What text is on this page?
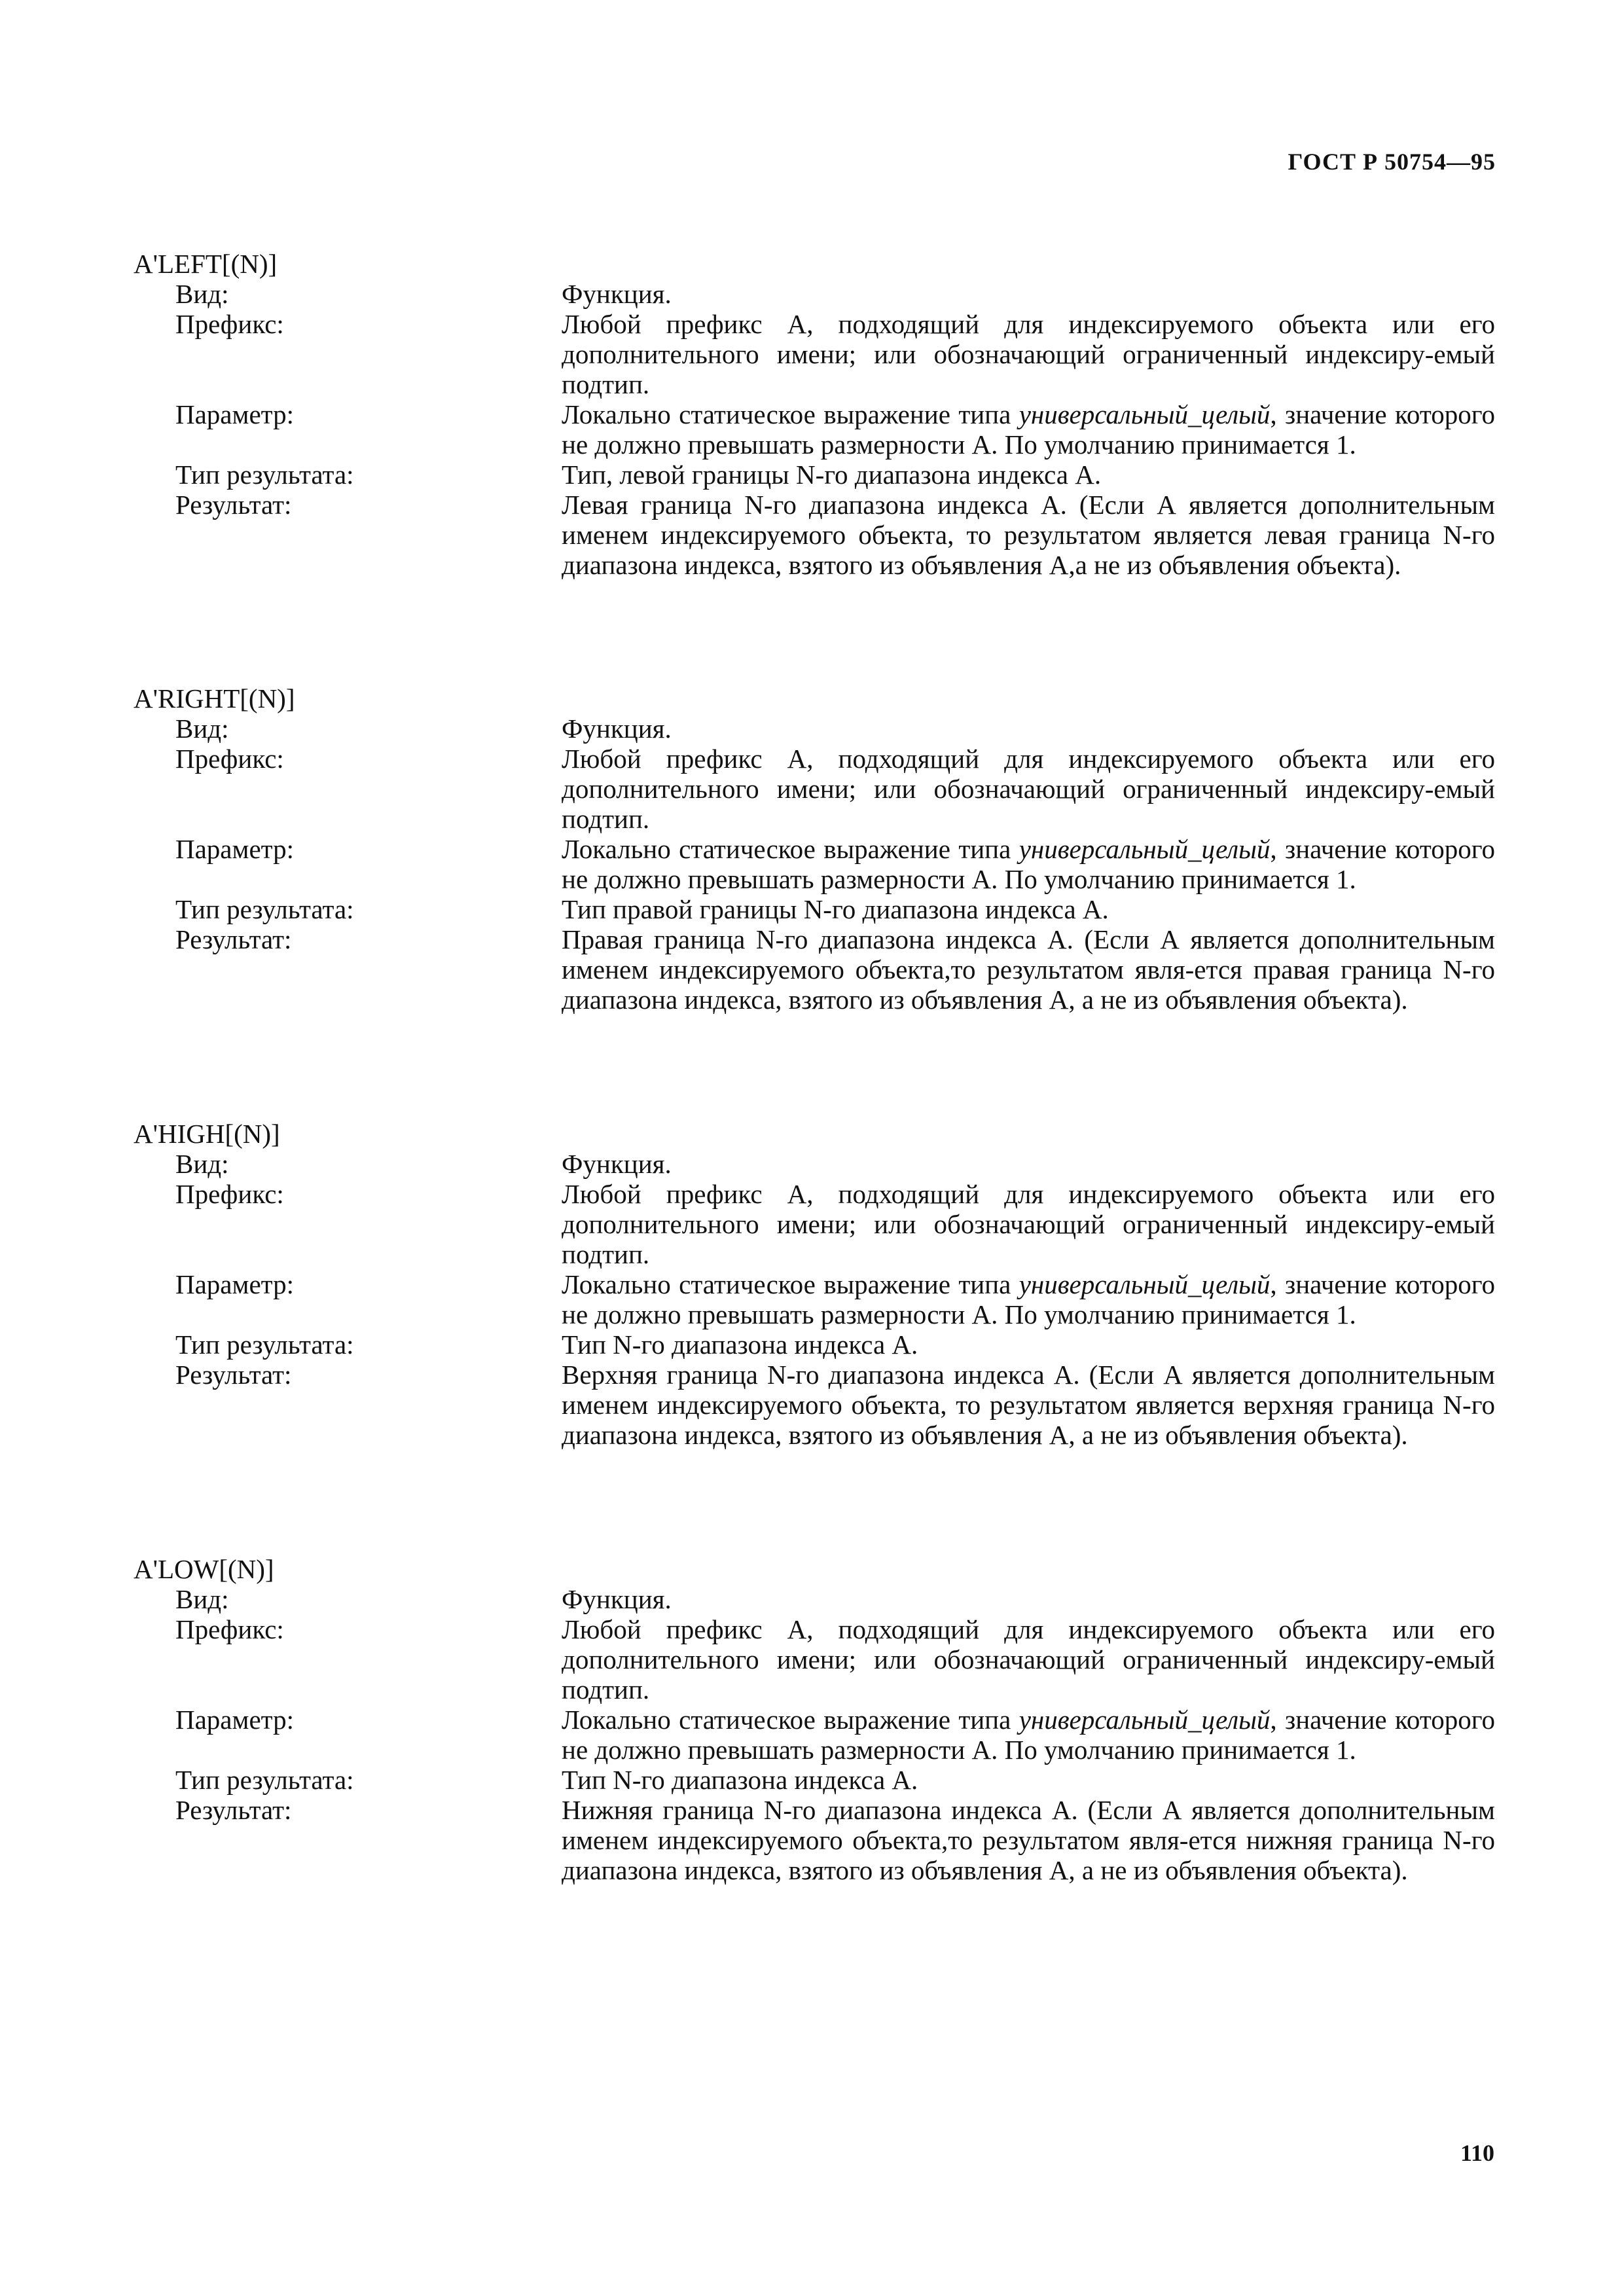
ГОСТ Р 50754—95
A'LEFT[(N)]
Вид:	Функция.
Префикс:	Любой префикс А, подходящий для индексируемого объекта или его дополнительного имени; или обозначающий ограниченный индексиру-емый подтип.
Параметр:	Локально статическое выражение типа универсальный_целый, значение которого не должно превышать размерности А. По умолчанию принимается 1.
Тип результата:	Тип, левой границы N-го диапазона индекса А.
Результат:	Левая граница N-го диапазона индекса А. (Если А является дополнительным именем индексируемого объекта, то результатом является левая граница N-го диапазона индекса, взятого из объявления А,а не из объявления объекта).
A'RIGHT[(N)]
Вид:	Функция.
Префикс:	Любой префикс А, подходящий для индексируемого объекта или его дополнительного имени; или обозначающий ограниченный индексиру-емый подтип.
Параметр:	Локально статическое выражение типа универсальный_целый, значение которого не должно превышать размерности А. По умолчанию принимается 1.
Тип результата:	Тип правой границы N-го диапазона индекса А.
Результат:	Правая граница N-го диапазона индекса А. (Если А является дополнительным именем индексируемого объекта,то результатом явля-ется правая граница N-го диапазона индекса, взятого из объявления А, а не из объявления объекта).
A'HIGH[(N)]
Вид:	Функция.
Префикс:	Любой префикс А, подходящий для индексируемого объекта или его дополнительного имени; или обозначающий ограниченный индексиру-емый подтип.
Параметр:	Локально статическое выражение типа универсальный_целый, значение которого не должно превышать размерности А. По умолчанию принимается 1.
Тип результата:	Тип N-го диапазона индекса А.
Результат:	Верхняя граница N-го диапазона индекса А. (Если А является дополнительным именем индексируемого объекта, то результатом является верхняя граница N-го диапазона индекса, взятого из объявления А, а не из объявления объекта).
A'LOW[(N)]
Вид:	Функция.
Префикс:	Любой префикс А, подходящий для индексируемого объекта или его дополнительного имени; или обозначающий ограниченный индексиру-емый подтип.
Параметр:	Локально статическое выражение типа универсальный_целый, значение которого не должно превышать размерности А. По умолчанию принимается 1.
Тип результата:	Тип N-го диапазона индекса А.
Результат:	Нижняя граница N-го диапазона индекса А. (Если А является дополнительным именем индексируемого объекта,то результатом явля-ется нижняя граница N-го диапазона индекса, взятого из объявления А, а не из объявления объекта).
110
